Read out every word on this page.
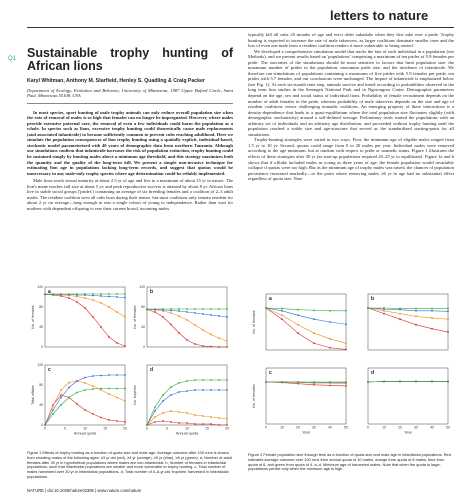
letters to nature
Q1 Sustainable trophy hunting of African lions
Karyl Whitman, Anthony M. Starfield, Henley S. Quadling & Craig Packer
Department of Ecology, Evolution and Behavior, University of Minnesota, 1987 Upper Buford Circle, Saint Paul, Minnesota 55108, USA

In most species, sport hunting of male trophy animals can only reduce overall population size when the rate of removal of males is so high that females can no longer be impregnated. However, where males provide extensive paternal care, the removal of even a few individuals could harm the population as a whole. In species such as lions, excessive trophy hunting could theoretically cause male replacements (and associated infanticide) to become sufficiently common to prevent cubs reaching adulthood. Here we simulate the population consequences of lion trophy hunting using a spatially explicit, individual-based, stochastic model parameterized with 40 years of demographic data from northern Tanzania. Although our simulations confirm that infanticide increases the risk of population extinction, trophy hunting could be sustained simply by hunting males above a minimum age threshold, and this strategy maximizes both the quantity and the quality of the long-term kill. We present a simple non-invasive technique for estimating lion age in populations lacking long-term records, and suggest that quotas would be unnecessary in any male-only trophy species where age determination could be reliably implemented.

Male lions reach sexual maturity at about 2.5 yr of age and live to a maximum of about 15 yr in nature. The lion's mane reaches full size at about 5 yr, and peak reproductive success is attained by about 8 yr. African lions live in stable social groups ('prides') containing an average of six breeding females and a coalition of 2–3 adult males. The resident coalition sires all cubs born during their tenure, but most coalitions only remain resident for about 2 yr on average—long enough to rear a single cohort of young to independence. Rather than wait for mothers with dependent offspring to rear their current brood, incoming males

typically kill all cubs ≤9 months of age and evict older subadults when they first take over a pride. Trophy hunting is expected to increase the rate of male takeovers, as larger coalitions dominate smaller ones and the loss of even one male from a resident coalition renders it more vulnerable to being ousted.

We developed a comprehensive simulation model that tracks the fate of each individual in a population (see Methods), and we present results based on 'populations' comprising a maximum of ten prides of 5.9 females per pride. The outcomes of the simulations should be most sensitive to factors that limit population size: the maximum number of prides in the population, maximum pride size, and the incidence of infanticide. We therefore ran simulations of populations containing a maximum of five prides with 5.9 females per pride, ten prides with 5.7 females, and our conclusions were unchanged. The impact of infanticide is emphasized below (see Fig. 1). At each six-month time step, animals survive and breed according to probabilities observed in the long term lion studies in the Serengeti National Park and in Ngorongoro Crater. Demographic parameters depend on the age, sex and social status of individual lions. Probability of female recruitment depends on the number of adult females in the pride, whereas probability of male takeovers depends on the size and age of resident coalitions versus challenging nomadic coalitions. An emerging property of these interactions is a density-dependence that leads to a quasi-equilibrium where the total population size fluctuates slightly (with demographic stochasticity) around a self-defined average. Preliminary trials started the populations with an arbitrary set of individuals and an arbitrary age distribution, and proceeded without trophy hunting until the population reached a stable size and age-structure that served as the standardized starting-point for all simulations.

Trophy-hunting strategies were varied in two ways. First, the minimum age of eligible males ranged from 1.5 yr to 10 yr. Second, quotas could range from 0 to 20 males per year. Individual males were removed according to the age minimum, but at random with respect to pride or nomadic status. Figure 1 illustrates the effects of these strategies after 30 yr (as start-up populations required 20–25 yr to equilibrate). Figure 1a and b shows that if offtake included males as young as three years of age, the female population would invariably collapse if quotas were too high. But as the minimum age of trophy males was raised, the chances of population persistence increased markedly—to the point where removing males ≥6 yr in age had no substantial effect regardless of quota size. Note

a
No. of females
0
40
80
120
b
No. of females
0
40
80
120
c
Total offtake
0
40
80
120
0	5	10	15	20
Annual quota
d
No. trophies
0	5	10	15	20
Annual quota
a
No. of females
b
c
No. of females
0	10	20	30	40	50
Year
d
0	10	20	30	40	50
Year
Figure 1 Effects of trophy hunting as a function of quota size and male age. Average outcome after 100 runs is shown from shooting males of the following ages: ≥3 yr old (red), ≥4 yr (orange), ≥5 yr (blue), ≥6 yr (green). a, Number of adult females after 30 yr in hypothetical populations where males are non-infanticidal. b, Number of females in infanticidal populations, such that infanticidal populations are smaller and more vulnerable to trophy hunting. c, Total number of males harvested over 30 yr in infanticidal populations. d, Total number of 5–6-yr-old 'trophies' harvested in infanticidal populations.
Figure 2 Female population size through time as a function of quota size and male age in infanticidal populations. Red indicates average outcome over 100 runs from annual quota of 10 males, orange from quota of 8 males, blue from quota of 6, and green from quota of 4. a–d, Minimum age of harvested males. Note that when the quota is large, populations persist only when the minimum age is high.
NATURE | doi:10.1038/nature02395 | www.nature.com/nature
